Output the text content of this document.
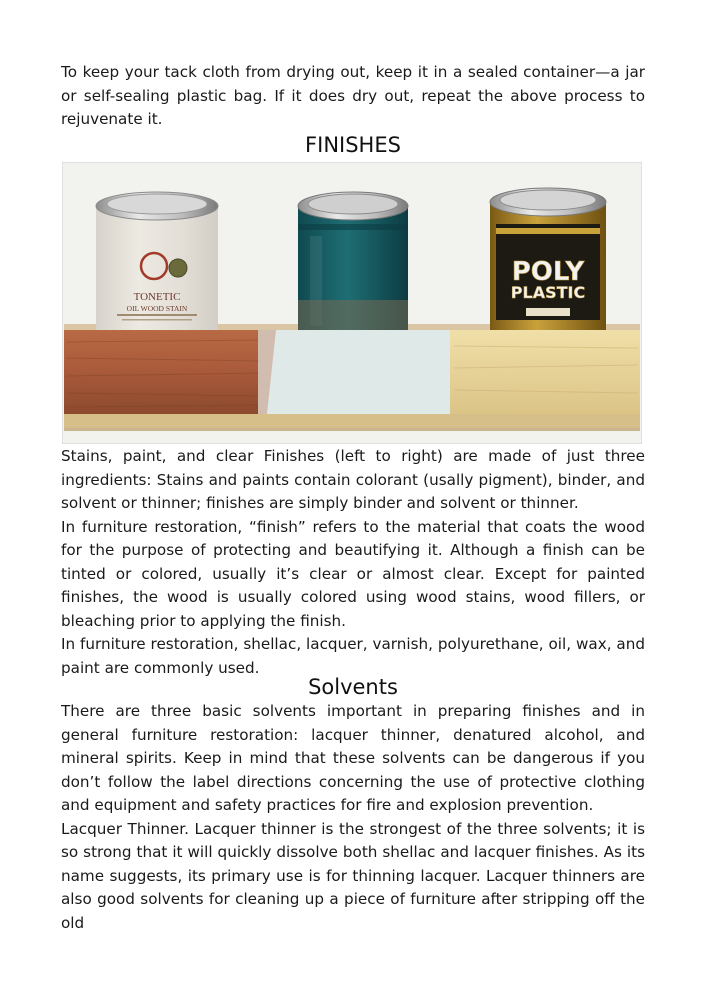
To keep your tack cloth from drying out, keep it in a sealed container—a jar or self-sealing plastic bag. If it does dry out, repeat the above process to rejuvenate it.

FINISHES
TONETIC
OIL WOOD STAIN
POLY
PLASTIC

Stains, paint, and clear Finishes (left to right) are made of just three ingredients: Stains and paints contain colorant (usally pigment), binder, and solvent or thinner; finishes are simply binder and solvent or thinner.

In furniture restoration, “finish” refers to the material that coats the wood for the purpose of protecting and beautifying it. Although a finish can be tinted or colored, usually it’s clear or almost clear. Except for painted finishes, the wood is usually colored using wood stains, wood fillers, or bleaching prior to applying the finish.

In furniture restoration, shellac, lacquer, varnish, polyurethane, oil, wax, and paint are commonly used.

Solvents

There are three basic solvents important in preparing finishes and in general furniture restoration: lacquer thinner, denatured alcohol, and mineral spirits. Keep in mind that these solvents can be dangerous if you don’t follow the label directions concerning the use of protective clothing and equipment and safety practices for fire and explosion prevention.

Lacquer Thinner. Lacquer thinner is the strongest of the three solvents; it is so strong that it will quickly dissolve both shellac and lacquer finishes. As its name suggests, its primary use is for thinning lacquer. Lacquer thinners are also good solvents for cleaning up a piece of furniture after stripping off the old
